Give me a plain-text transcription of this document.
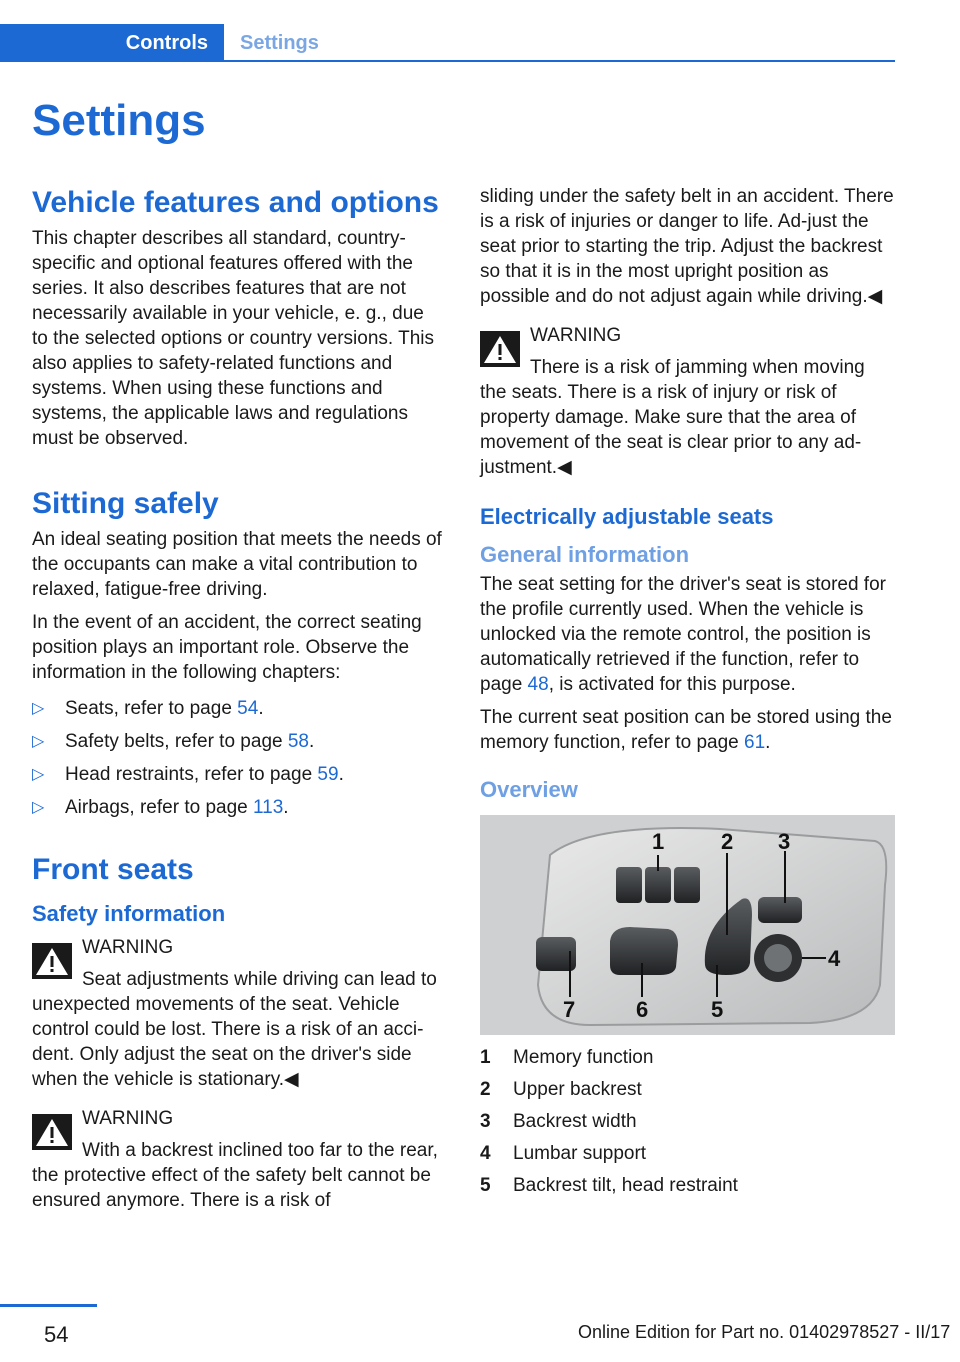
Controls	Settings
Settings
Vehicle features and options

This chapter describes all standard, country-specific and optional features offered with the series. It also describes features that are not necessarily available in your vehicle, e. g., due to the selected options or country versions. This also applies to safety-related functions and systems. When using these functions and systems, the applicable laws and regulations must be observed.

Sitting safely

An ideal seating position that meets the needs of the occupants can make a vital contribution to relaxed, fatigue-free driving.

In the event of an accident, the correct seating position plays an important role. Observe the information in the following chapters:

▷ Seats, refer to page 54.
▷ Safety belts, refer to page 58.
▷ Head restraints, refer to page 59.
▷ Airbags, refer to page 113.
Front seats
Safety information
WARNING
Seat adjustments while driving can lead to unexpected movements of the seat. Vehicle control could be lost. There is a risk of an acci-dent. Only adjust the seat on the driver's side when the vehicle is stationary.◀
WARNING
With a backrest inclined too far to the rear, the protective effect of the safety belt cannot be ensured anymore. There is a risk of

sliding under the safety belt in an accident. There is a risk of injuries or danger to life. Ad-just the seat prior to starting the trip. Adjust the backrest so that it is in the most upright position as possible and do not adjust again while driving.◀

WARNING
There is a risk of jamming when moving the seats. There is a risk of injury or risk of property damage. Make sure that the area of movement of the seat is clear prior to any ad-justment.◀
Electrically adjustable seats
General information

The seat setting for the driver's seat is stored for the profile currently used. When the vehicle is unlocked via the remote control, the position is automatically retrieved if the function, refer to page 48, is activated for this purpose.

The current seat position can be stored using the memory function, refer to page 61.

Overview
1	2 3
4
5
6
7
1 Memory function
2 Upper backrest
3 Backrest width
4 Lumbar support
5 Backrest tilt, head restraint
54	Online Edition for Part no. 01402978527 - II/17
